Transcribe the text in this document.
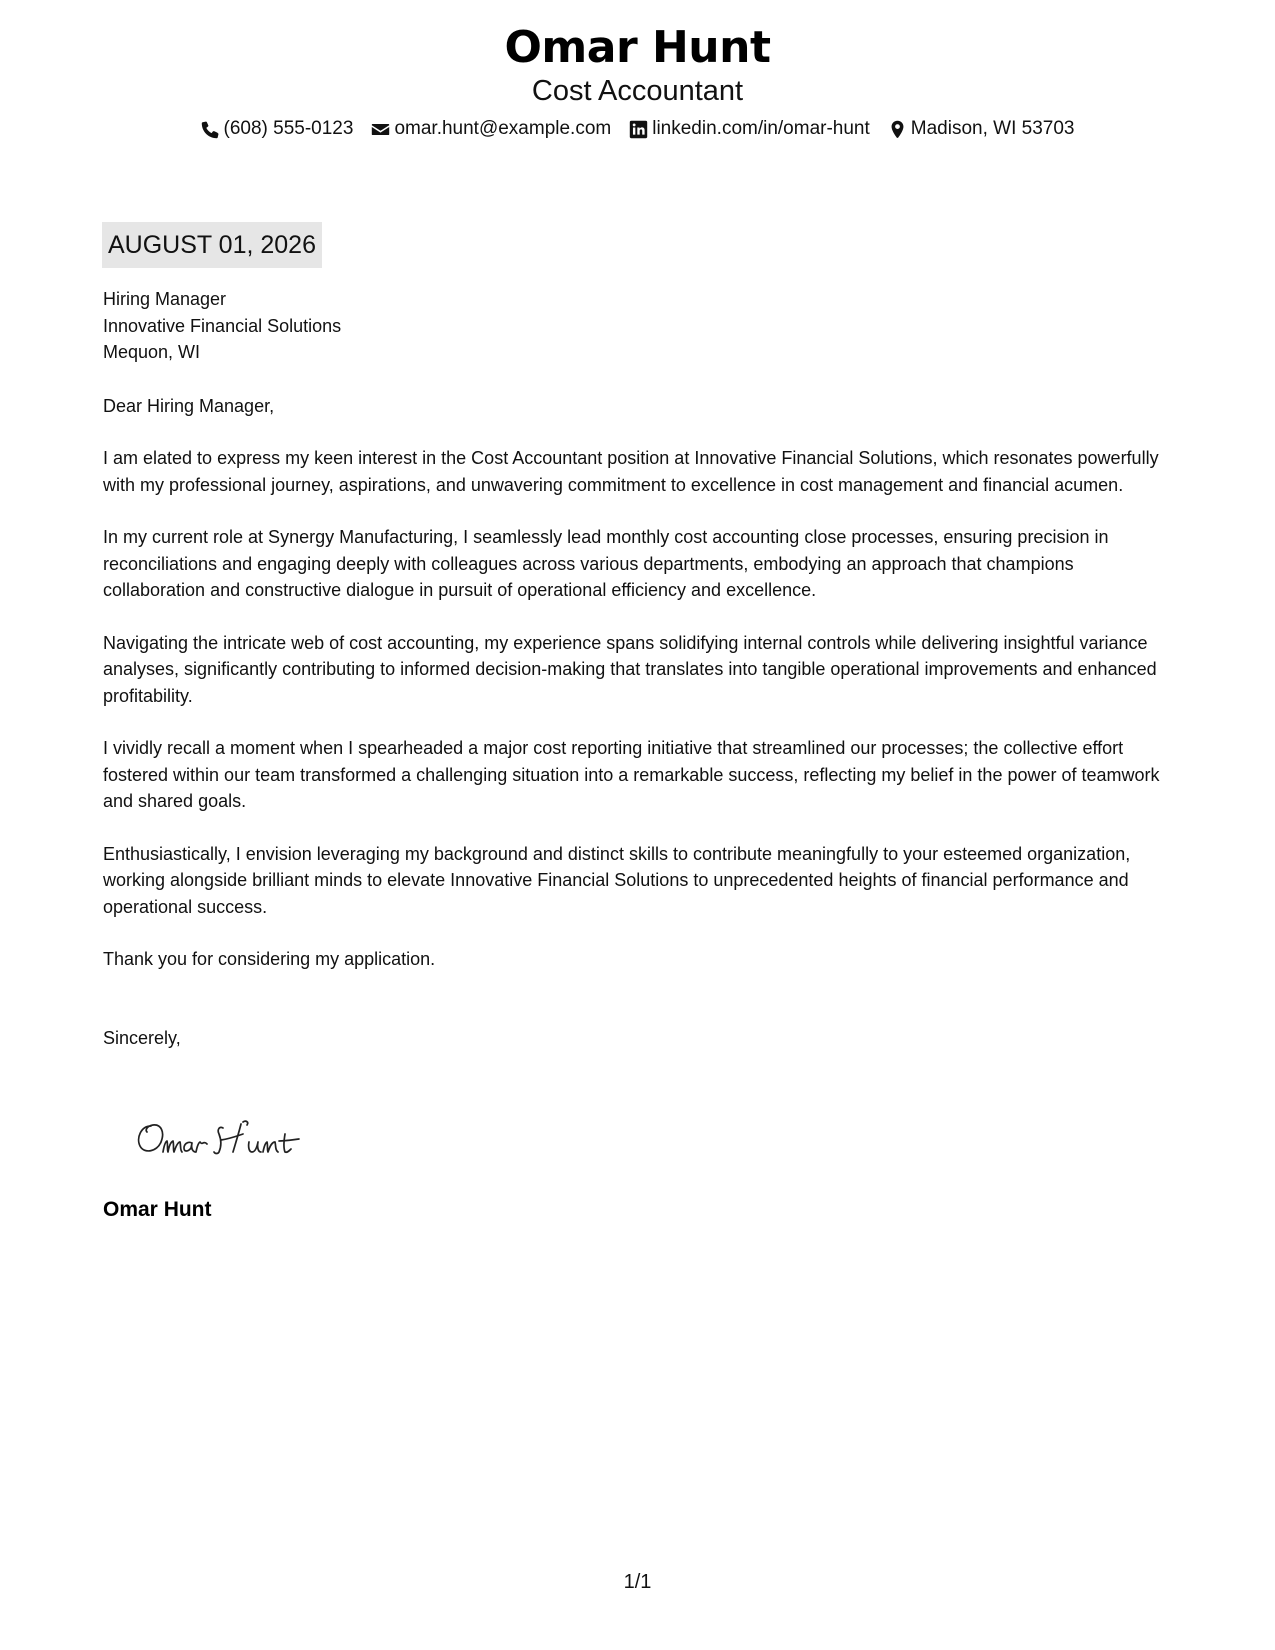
Omar Hunt
Cost Accountant
(608) 555-0123 omar.hunt@example.com linkedin.com/in/omar-hunt Madison, WI 53703
AUGUST 01, 2026
Hiring Manager
Innovative Financial Solutions
Mequon, WI
Dear Hiring Manager,
I am elated to express my keen interest in the Cost Accountant position at Innovative Financial Solutions, which resonates powerfully with my professional journey, aspirations, and unwavering commitment to excellence in cost management and financial acumen.
In my current role at Synergy Manufacturing, I seamlessly lead monthly cost accounting close processes, ensuring precision in reconciliations and engaging deeply with colleagues across various departments, embodying an approach that champions collaboration and constructive dialogue in pursuit of operational efficiency and excellence.
Navigating the intricate web of cost accounting, my experience spans solidifying internal controls while delivering insightful variance analyses, significantly contributing to informed decision-making that translates into tangible operational improvements and enhanced profitability.
I vividly recall a moment when I spearheaded a major cost reporting initiative that streamlined our processes; the collective effort fostered within our team transformed a challenging situation into a remarkable success, reflecting my belief in the power of teamwork and shared goals.
Enthusiastically, I envision leveraging my background and distinct skills to contribute meaningfully to your esteemed organization, working alongside brilliant minds to elevate Innovative Financial Solutions to unprecedented heights of financial performance and operational success.
Thank you for considering my application.
Sincerely,
Omar Hunt
1/1
